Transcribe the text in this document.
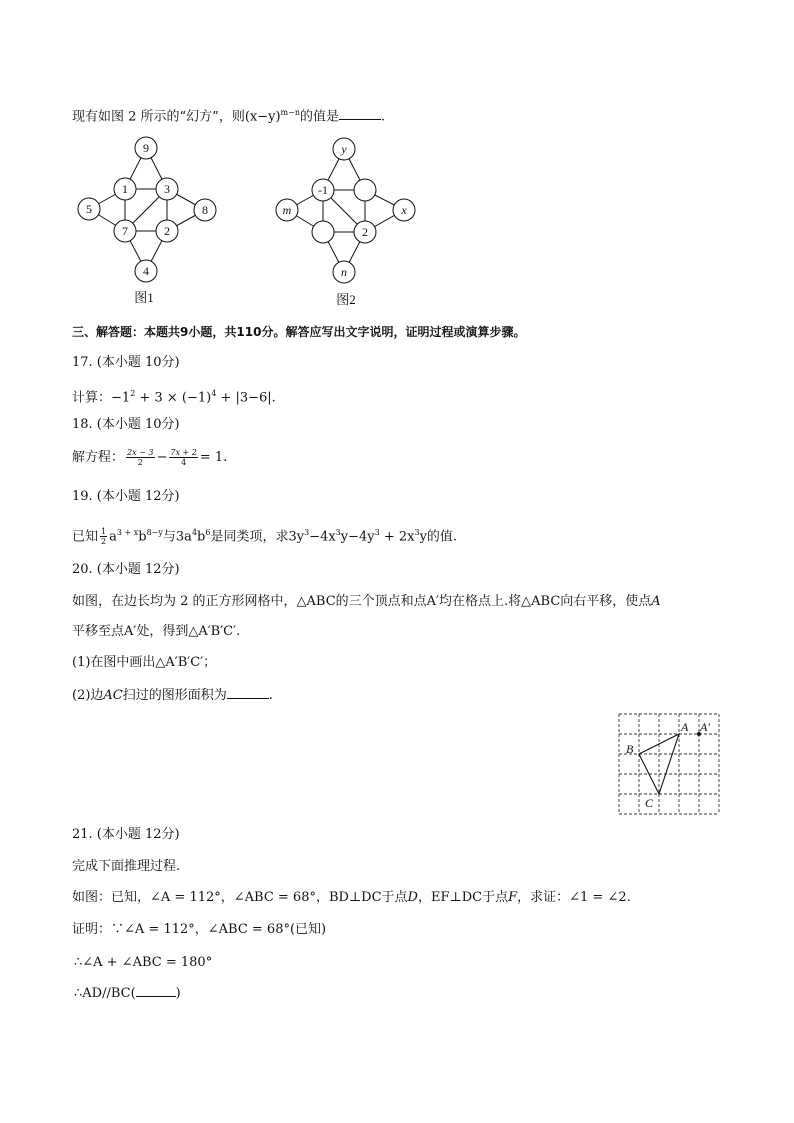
现有如图 2 所示的“幻方”，则$(x-y)^{m-n}$的值是	.
9
1	3
5	8
7	2
4
图1
y
-1
m	x
2
n
图2
三、解答题：本题共9小题，共110分。解答应写出文字说明，证明过程或演算步骤。
17. (本小题 10分)
计算：$-1^2 + 3 \times (-1)^4 + |3-6|$.
18. (本小题 10分)
解方程： $\frac{2x - 3}{2} - \frac{7x + 2}{4} = 1$.
19. (本小题 12分)
已知 $\frac{1}{2} a^{3 + x}b^{8-y}$与$3a^4b^6$是同类项，求$3y^3-4x^3y-4y^3 + 2x^3y$的值.
20. (本小题 12分)
如图，在边长均为 2 的正方形网格中，△ABC的三个顶点和点A′均在格点上.将△ABC向右平移，使点A
平移至点A′处，得到△A′B′C′.
(1)在图中画出△A′B′C′；
(2)边AC扫过的图形面积为	.
A A′
B
C
21. (本小题 12分)
完成下面推理过程.
如图：已知，∠A = 112°，∠ABC = 68°，BD⊥DC于点D，EF⊥DC于点F，求证：∠1 = ∠2.
证明：∵∠A = 112°，∠ABC = 68°(已知)
∴∠A + ∠ABC = 180°
∴AD//BC(	)
